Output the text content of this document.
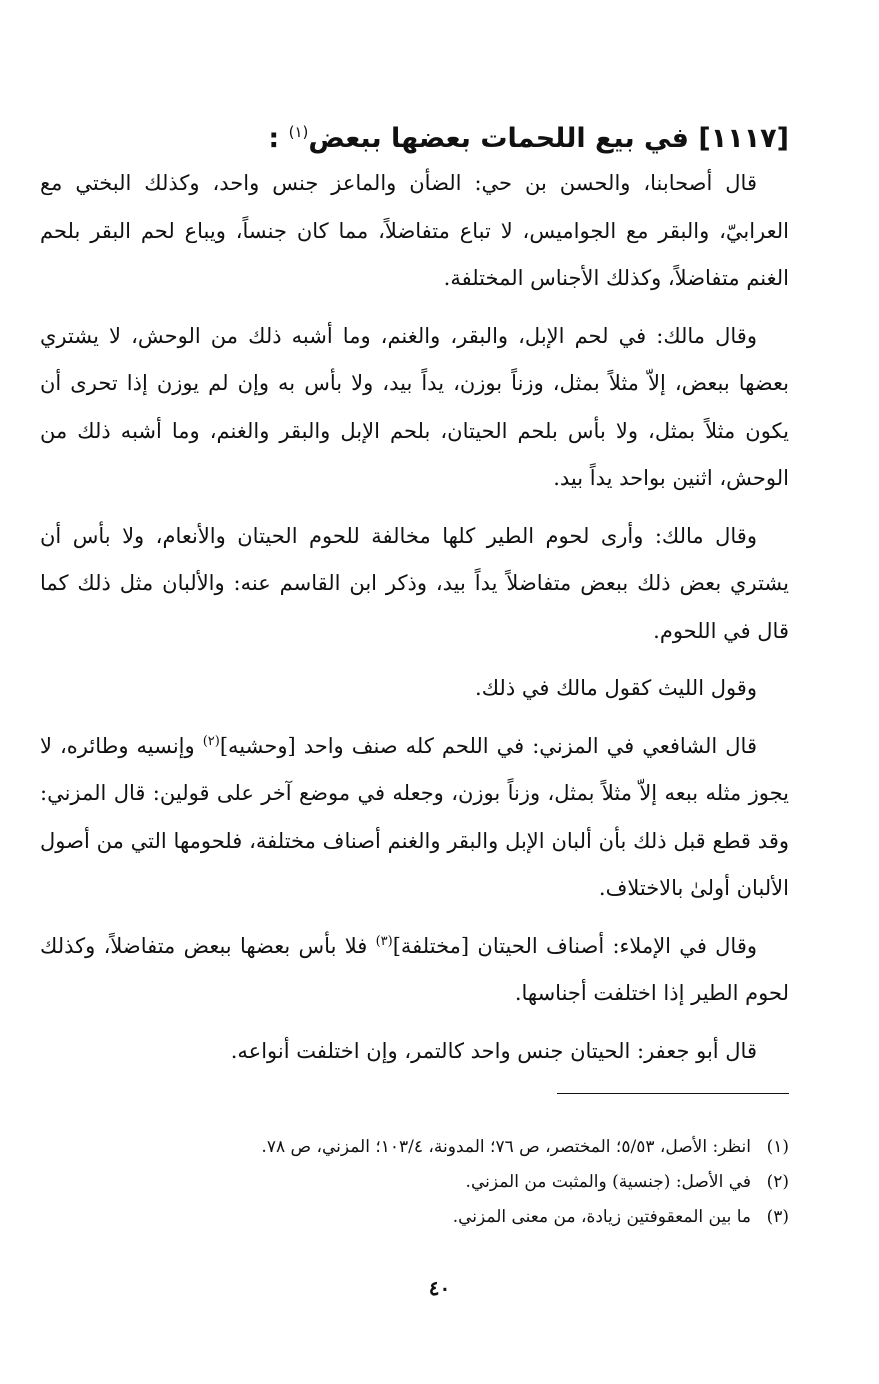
[١١١٧] في بيع اللحمات بعضها ببعض$^{(١)}$ :

قال أصحابنا، والحسن بن حي: الضأن والماعز جنس واحد، وكذلك البختي مع العرابيّ، والبقر مع الجواميس، لا تباع متفاضلاً، مما كان جنساً، ويباع لحم البقر بلحم الغنم متفاضلاً، وكذلك الأجناس المختلفة.

وقال مالك: في لحم الإبل، والبقر، والغنم، وما أشبه ذلك من الوحش، لا يشتري بعضها ببعض، إلاّ مثلاً بمثل، وزناً بوزن، يداً بيد، ولا بأس به وإن لم يوزن إذا تحرى أن يكون مثلاً بمثل، ولا بأس بلحم الحيتان، بلحم الإبل والبقر والغنم، وما أشبه ذلك من الوحش، اثنين بواحد يداً بيد.

وقال مالك: وأرى لحوم الطير كلها مخالفة للحوم الحيتان والأنعام، ولا بأس أن يشتري بعض ذلك ببعض متفاضلاً يداً بيد، وذكر ابن القاسم عنه: والألبان مثل ذلك كما قال في اللحوم.

وقول الليث كقول مالك في ذلك.

قال الشافعي في المزني: في اللحم كله صنف واحد [وحشيه]$^{(٢)}$ وإنسيه وطائره، لا يجوز مثله ببعه إلاّ مثلاً بمثل، وزناً بوزن، وجعله في موضع آخر على قولين: قال المزني: وقد قطع قبل ذلك بأن ألبان الإبل والبقر والغنم أصناف مختلفة، فلحومها التي من أصول الألبان أولىٰ بالاختلاف.

وقال في الإملاء: أصناف الحيتان [مختلفة]$^{(٣)}$ فلا بأس بعضها ببعض متفاضلاً، وكذلك لحوم الطير إذا اختلفت أجناسها.

قال أبو جعفر: الحيتان جنس واحد كالتمر، وإن اختلفت أنواعه.

(١)
انظر: الأصل، ٥/٥٣؛ المختصر، ص ٧٦؛ المدونة، ١٠٣/٤؛ المزني، ص ٧٨.
(٢)
في الأصل: (جنسية) والمثبت من المزني.
(٣)
ما بين المعقوفتين زيادة، من معنى المزني.
٤٠
